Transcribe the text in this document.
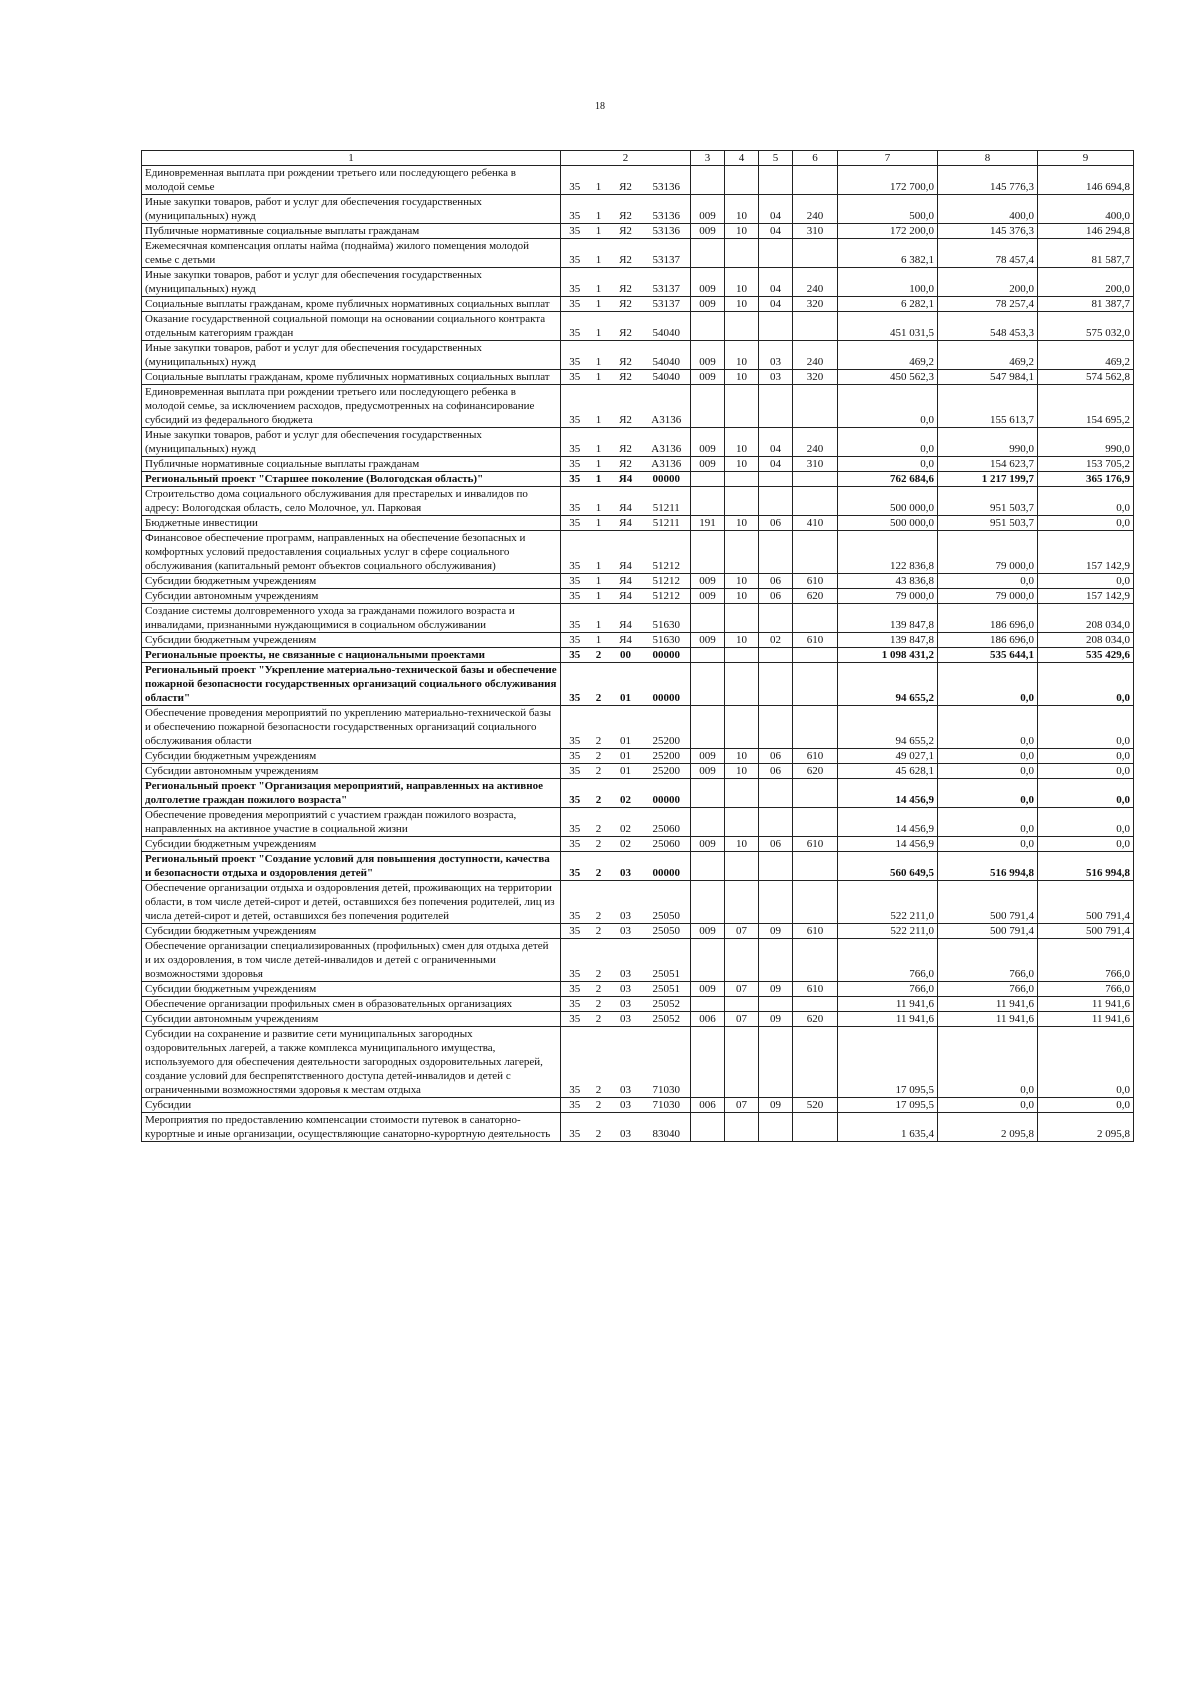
18
1	2				3	4	5	6	7	8	9
Единовременная выплата при рождении третьего или последующего ребенка в молодой семье	35	1	Я2	53136					172 700,0	145 776,3	146 694,8
Иные закупки товаров, работ и услуг для обеспечения государственных (муниципальных) нужд	35	1	Я2	53136	009	10	04	240	500,0	400,0	400,0
Публичные нормативные социальные выплаты гражданам	35	1	Я2	53136	009	10	04	310	172 200,0	145 376,3	146 294,8
Ежемесячная компенсация оплаты найма (поднайма) жилого помещения молодой семье с детьми	35	1	Я2	53137					6 382,1	78 457,4	81 587,7
Иные закупки товаров, работ и услуг для обеспечения государственных (муниципальных) нужд	35	1	Я2	53137	009	10	04	240	100,0	200,0	200,0
Социальные выплаты гражданам, кроме публичных нормативных социальных выплат	35	1	Я2	53137	009	10	04	320	6 282,1	78 257,4	81 387,7
Оказание государственной социальной помощи на основании социального контракта отдельным категориям граждан	35	1	Я2	54040					451 031,5	548 453,3	575 032,0
Иные закупки товаров, работ и услуг для обеспечения государственных (муниципальных) нужд	35	1	Я2	54040	009	10	03	240	469,2	469,2	469,2
Социальные выплаты гражданам, кроме публичных нормативных социальных выплат	35	1	Я2	54040	009	10	03	320	450 562,3	547 984,1	574 562,8
Единовременная выплата при рождении третьего или последующего ребенка в молодой семье, за исключением расходов, предусмотренных на софинансирование субсидий из федерального бюджета	35	1	Я2	А3136					0,0	155 613,7	154 695,2
Иные закупки товаров, работ и услуг для обеспечения государственных (муниципальных) нужд	35	1	Я2	А3136	009	10	04	240	0,0	990,0	990,0
Публичные нормативные социальные выплаты гражданам	35	1	Я2	А3136	009	10	04	310	0,0	154 623,7	153 705,2
Региональный проект "Старшее поколение (Вологодская область)"	35	1	Я4	00000					762 684,6	1 217 199,7	365 176,9
Строительство дома социального обслуживания для престарелых и инвалидов по адресу: Вологодская область, село Молочное, ул. Парковая	35	1	Я4	51211					500 000,0	951 503,7	0,0
Бюджетные инвестиции	35	1	Я4	51211	191	10	06	410	500 000,0	951 503,7	0,0
Финансовое обеспечение программ, направленных на обеспечение безопасных и комфортных условий предоставления социальных услуг в сфере социального обслуживания (капитальный ремонт объектов социального обслуживания)	35	1	Я4	51212					122 836,8	79 000,0	157 142,9
Субсидии бюджетным учреждениям	35	1	Я4	51212	009	10	06	610	43 836,8	0,0	0,0
Субсидии автономным учреждениям	35	1	Я4	51212	009	10	06	620	79 000,0	79 000,0	157 142,9
Создание системы долговременного ухода за гражданами пожилого возраста и инвалидами, признанными нуждающимися в социальном обслуживании	35	1	Я4	51630					139 847,8	186 696,0	208 034,0
Субсидии бюджетным учреждениям	35	1	Я4	51630	009	10	02	610	139 847,8	186 696,0	208 034,0
Региональные проекты, не связанные с национальными проектами	35	2	00	00000					1 098 431,2	535 644,1	535 429,6
Региональный проект "Укрепление материально-технической базы и обеспечение пожарной безопасности государственных организаций социального обслуживания области"	35	2	01	00000					94 655,2	0,0	0,0
Обеспечение проведения мероприятий по укреплению материально-технической базы и обеспечению пожарной безопасности государственных организаций социального обслуживания области	35	2	01	25200					94 655,2	0,0	0,0
Субсидии бюджетным учреждениям	35	2	01	25200	009	10	06	610	49 027,1	0,0	0,0
Субсидии автономным учреждениям	35	2	01	25200	009	10	06	620	45 628,1	0,0	0,0
Региональный проект "Организация мероприятий, направленных на активное долголетие граждан пожилого возраста"	35	2	02	00000					14 456,9	0,0	0,0
Обеспечение проведения мероприятий с участием граждан пожилого возраста, направленных на активное участие в социальной жизни	35	2	02	25060					14 456,9	0,0	0,0
Субсидии бюджетным учреждениям	35	2	02	25060	009	10	06	610	14 456,9	0,0	0,0
Региональный проект "Создание условий для повышения доступности, качества и безопасности отдыха и оздоровления детей"	35	2	03	00000					560 649,5	516 994,8	516 994,8
Обеспечение организации отдыха и оздоровления детей, проживающих на территории области, в том числе детей-сирот и детей, оставшихся без попечения родителей, лиц из числа детей-сирот и детей, оставшихся без попечения родителей	35	2	03	25050					522 211,0	500 791,4	500 791,4
Субсидии бюджетным учреждениям	35	2	03	25050	009	07	09	610	522 211,0	500 791,4	500 791,4
Обеспечение организации специализированных (профильных) смен для отдыха детей и их оздоровления, в том числе детей-инвалидов и детей с ограниченными возможностями здоровья	35	2	03	25051					766,0	766,0	766,0
Субсидии бюджетным учреждениям	35	2	03	25051	009	07	09	610	766,0	766,0	766,0
Обеспечение организации профильных смен в образовательных организациях	35	2	03	25052					11 941,6	11 941,6	11 941,6
Субсидии автономным учреждениям	35	2	03	25052	006	07	09	620	11 941,6	11 941,6	11 941,6
Субсидии на сохранение и развитие сети муниципальных загородных оздоровительных лагерей, а также комплекса муниципального имущества, используемого для обеспечения деятельности загородных оздоровительных лагерей, создание условий для беспрепятственного доступа детей-инвалидов и детей с ограниченными возможностями здоровья к местам отдыха	35	2	03	71030					17 095,5	0,0	0,0
Субсидии	35	2	03	71030	006	07	09	520	17 095,5	0,0	0,0
Мероприятия по предоставлению компенсации стоимости путевок в санаторно-курортные и иные организации, осуществляющие санаторно-курортную деятельность	35	2	03	83040					1 635,4	2 095,8	2 095,8
